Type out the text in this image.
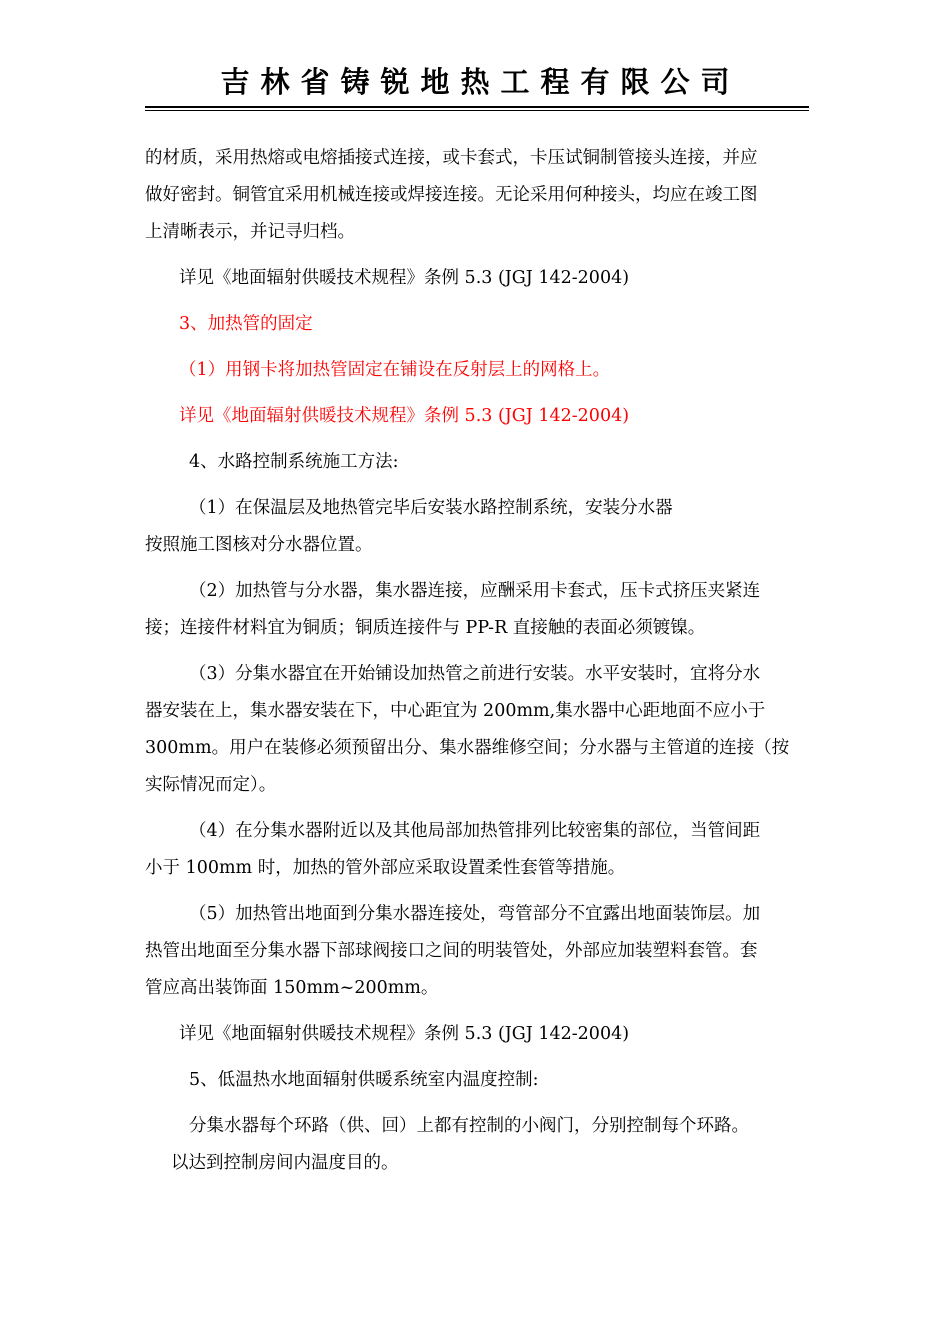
吉林省铸锐地热工程有限公司

的材质，采用热熔或电熔插接式连接，或卡套式，卡压试铜制管接头连接，并应

做好密封。铜管宜采用机械连接或焊接连接。无论采用何种接头，均应在竣工图

上清晰表示，并记寻归档。

详见《地面辐射供暖技术规程》条例 5.3 (JGJ 142-2004)

3、加热管的固定

（1）用钢卡将加热管固定在铺设在反射层上的网格上。

详见《地面辐射供暖技术规程》条例 5.3 (JGJ 142-2004)

4、水路控制系统施工方法:

（1）在保温层及地热管完毕后安装水路控制系统，安装分水器

按照施工图核对分水器位置。

（2）加热管与分水器，集水器连接，应酬采用卡套式，压卡式挤压夹紧连

接；连接件材料宜为铜质；铜质连接件与 PP-R 直接触的表面必须镀镍。

（3）分集水器宜在开始铺设加热管之前进行安装。水平安装时，宜将分水

器安装在上，集水器安装在下，中心距宜为 200mm,集水器中心距地面不应小于

300mm。用户在装修必须预留出分、集水器维修空间；分水器与主管道的连接（按

实际情况而定）。

（4）在分集水器附近以及其他局部加热管排列比较密集的部位，当管间距

小于 100mm 时，加热的管外部应采取设置柔性套管等措施。

（5）加热管出地面到分集水器连接处，弯管部分不宜露出地面装饰层。加

热管出地面至分集水器下部球阀接口之间的明装管处，外部应加装塑料套管。套

管应高出装饰面 150mm~200mm。

详见《地面辐射供暖技术规程》条例 5.3 (JGJ 142-2004)

5、低温热水地面辐射供暖系统室内温度控制:

分集水器每个环路（供、回）上都有控制的小阀门，分别控制每个环路。

以达到控制房间内温度目的。
